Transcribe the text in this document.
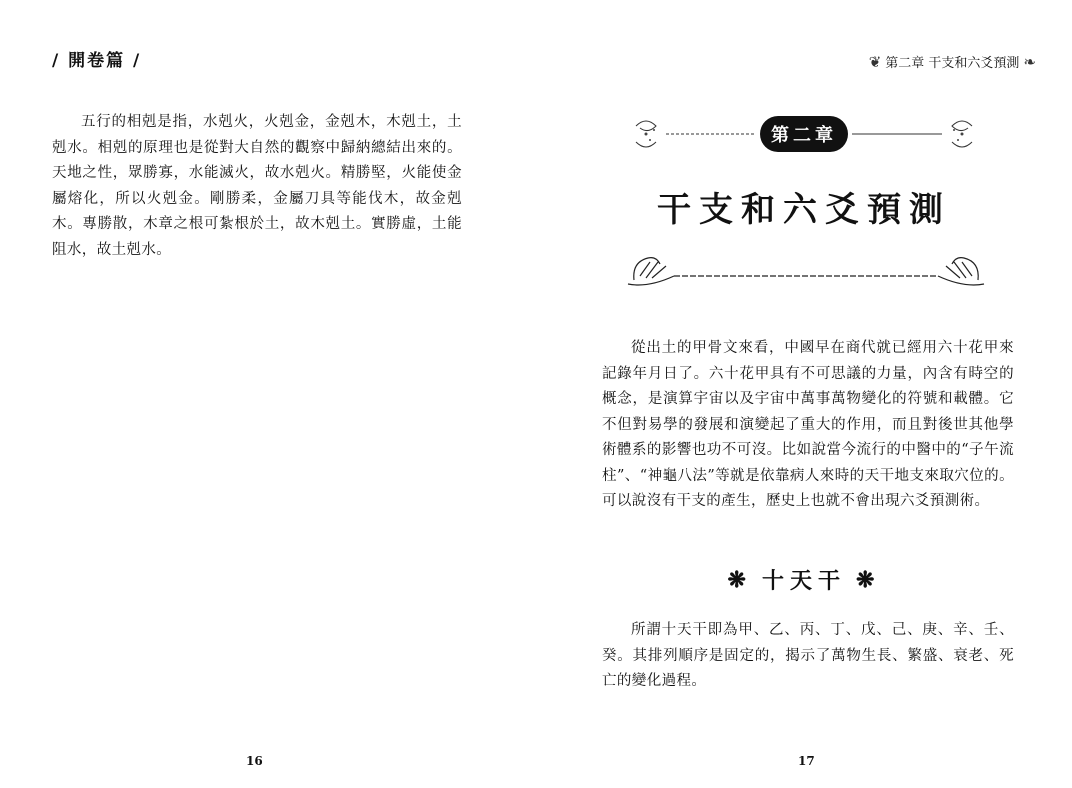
/ 開卷篇 /

五行的相剋是指，水剋火，火剋金，金剋木，木剋土，土剋水。相剋的原理也是從對大自然的觀察中歸納總結出來的。天地之性，眾勝寡，水能滅火，故水剋火。精勝堅，火能使金屬熔化，所以火剋金。剛勝柔，金屬刀具等能伐木，故金剋木。專勝散，木章之根可紮根於土，故木剋土。實勝虛，土能阻水，故土剋水。

16
❦ 第二章 干支和六爻預測 ❧
第二章
干支和六爻預測

從出土的甲骨文來看，中國早在商代就已經用六十花甲來記錄年月日了。六十花甲具有不可思議的力量，內含有時空的概念，是演算宇宙以及宇宙中萬事萬物變化的符號和載體。它不但對易學的發展和演變起了重大的作用，而且對後世其他學術體系的影響也功不可沒。比如說當今流行的中醫中的“子午流柱”、“神龜八法”等就是依靠病人來時的天干地支來取穴位的。可以說沒有干支的產生，歷史上也就不會出現六爻預測術。

❋ 十天干 ❋

所謂十天干即為甲、乙、丙、丁、戊、己、庚、辛、壬、癸。其排列順序是固定的，揭示了萬物生長、繁盛、衰老、死亡的變化過程。

17
